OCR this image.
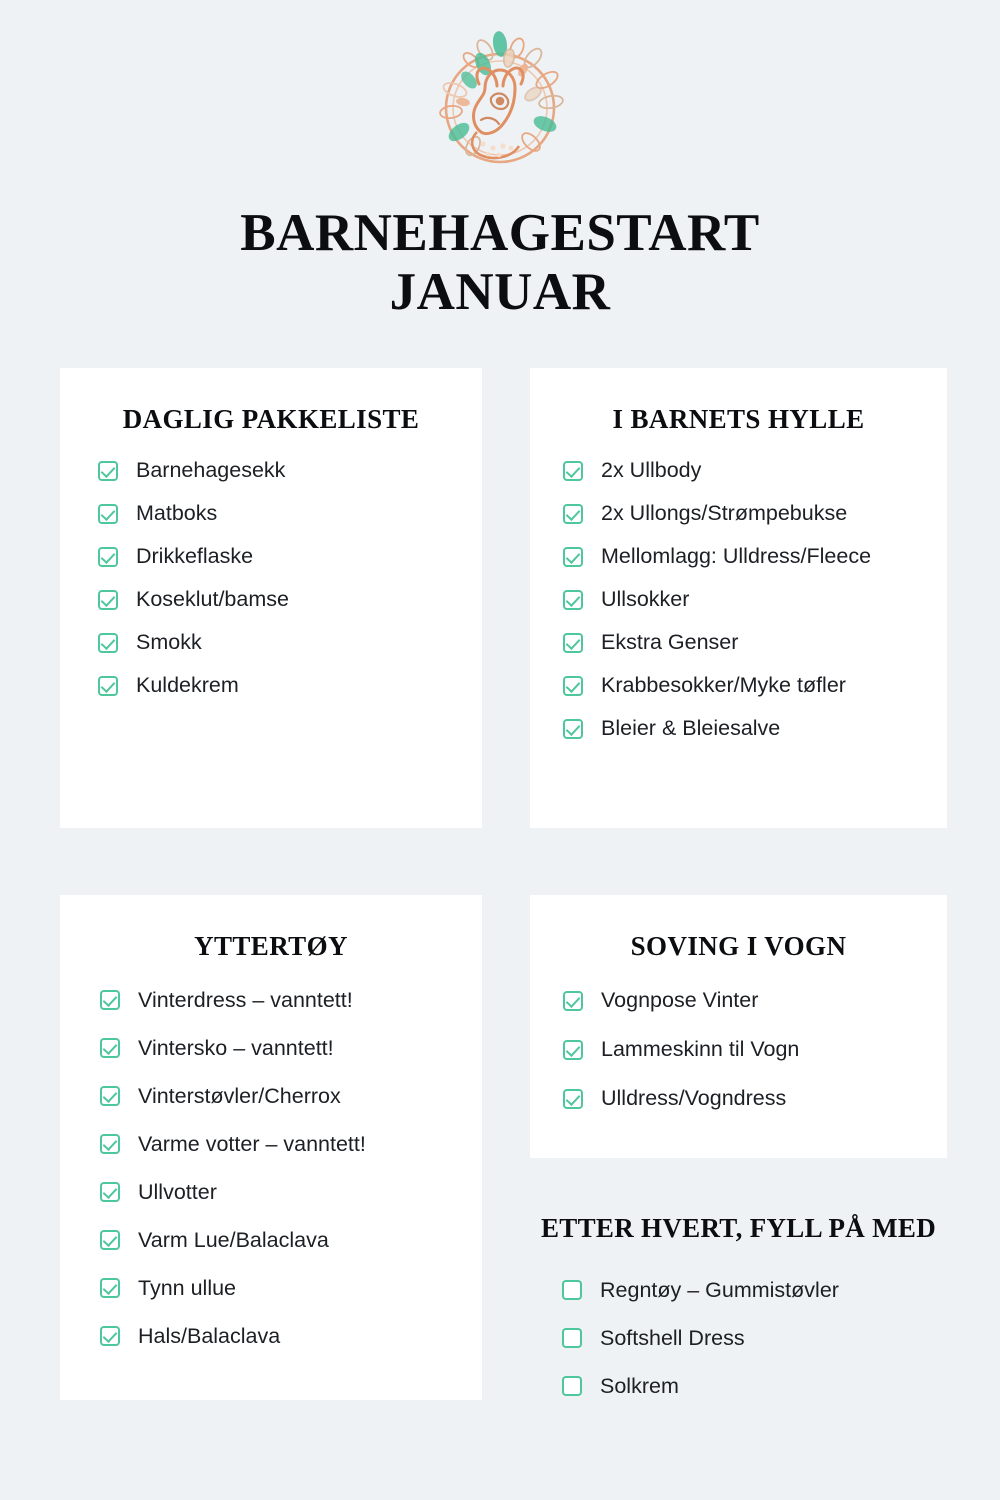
BARNEHAGESTART
JANUAR
DAGLIG PAKKELISTE
Barnehagesekk
Matboks
Drikkeflaske
Koseklut/bamse
Smokk
Kuldekrem
YTTERTØY
Vinterdress – vanntett!
Vintersko – vanntett!
Vinterstøvler/Cherrox
Varme votter – vanntett!
Ullvotter
Varm Lue/Balaclava
Tynn ullue
Hals/Balaclava
I BARNETS HYLLE
2x Ullbody
2x Ullongs/Strømpebukse
Mellomlagg: Ulldress/Fleece
Ullsokker
Ekstra Genser
Krabbesokker/Myke tøfler
Bleier & Bleiesalve
SOVING I VOGN
Vognpose Vinter
Lammeskinn til Vogn
Ulldress/Vogndress
ETTER HVERT, FYLL PÅ MED
Regntøy – Gummistøvler
Softshell Dress
Solkrem
